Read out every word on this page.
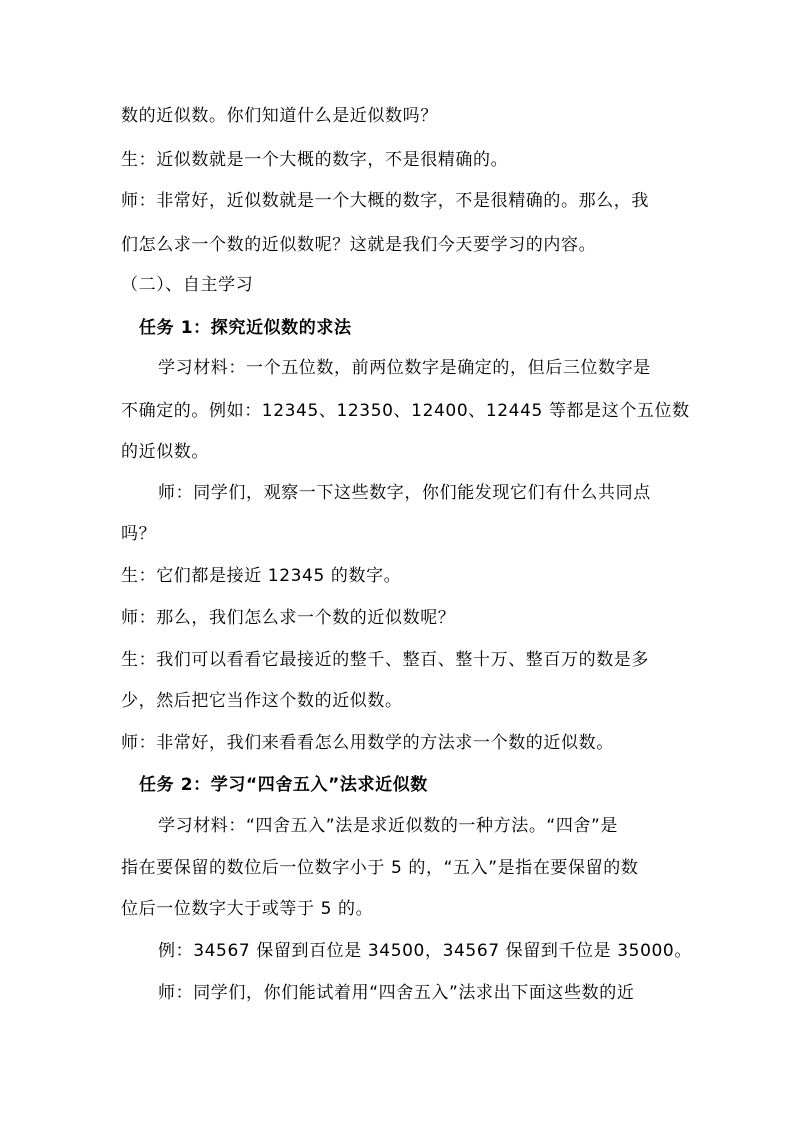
数的近似数。你们知道什么是近似数吗？
生：近似数就是一个大概的数字，不是很精确的。
师：非常好，近似数就是一个大概的数字，不是很精确的。那么，我
们怎么求一个数的近似数呢？这就是我们今天要学习的内容。
（二）、自主学习
任务 1：探究近似数的求法
学习材料：一个五位数，前两位数字是确定的，但后三位数字是
不确定的。例如：12345、12350、12400、12445 等都是这个五位数
的近似数。
师：同学们，观察一下这些数字，你们能发现它们有什么共同点
吗？
生：它们都是接近 12345 的数字。
师：那么，我们怎么求一个数的近似数呢？
生：我们可以看看它最接近的整千、整百、整十万、整百万的数是多
少，然后把它当作这个数的近似数。
师：非常好，我们来看看怎么用数学的方法求一个数的近似数。
任务 2：学习“四舍五入”法求近似数
学习材料：“四舍五入”法是求近似数的一种方法。“四舍”是
指在要保留的数位后一位数字小于 5 的，“五入”是指在要保留的数
位后一位数字大于或等于 5 的。
例：34567 保留到百位是 34500，34567 保留到千位是 35000。
师：同学们，你们能试着用“四舍五入”法求出下面这些数的近
